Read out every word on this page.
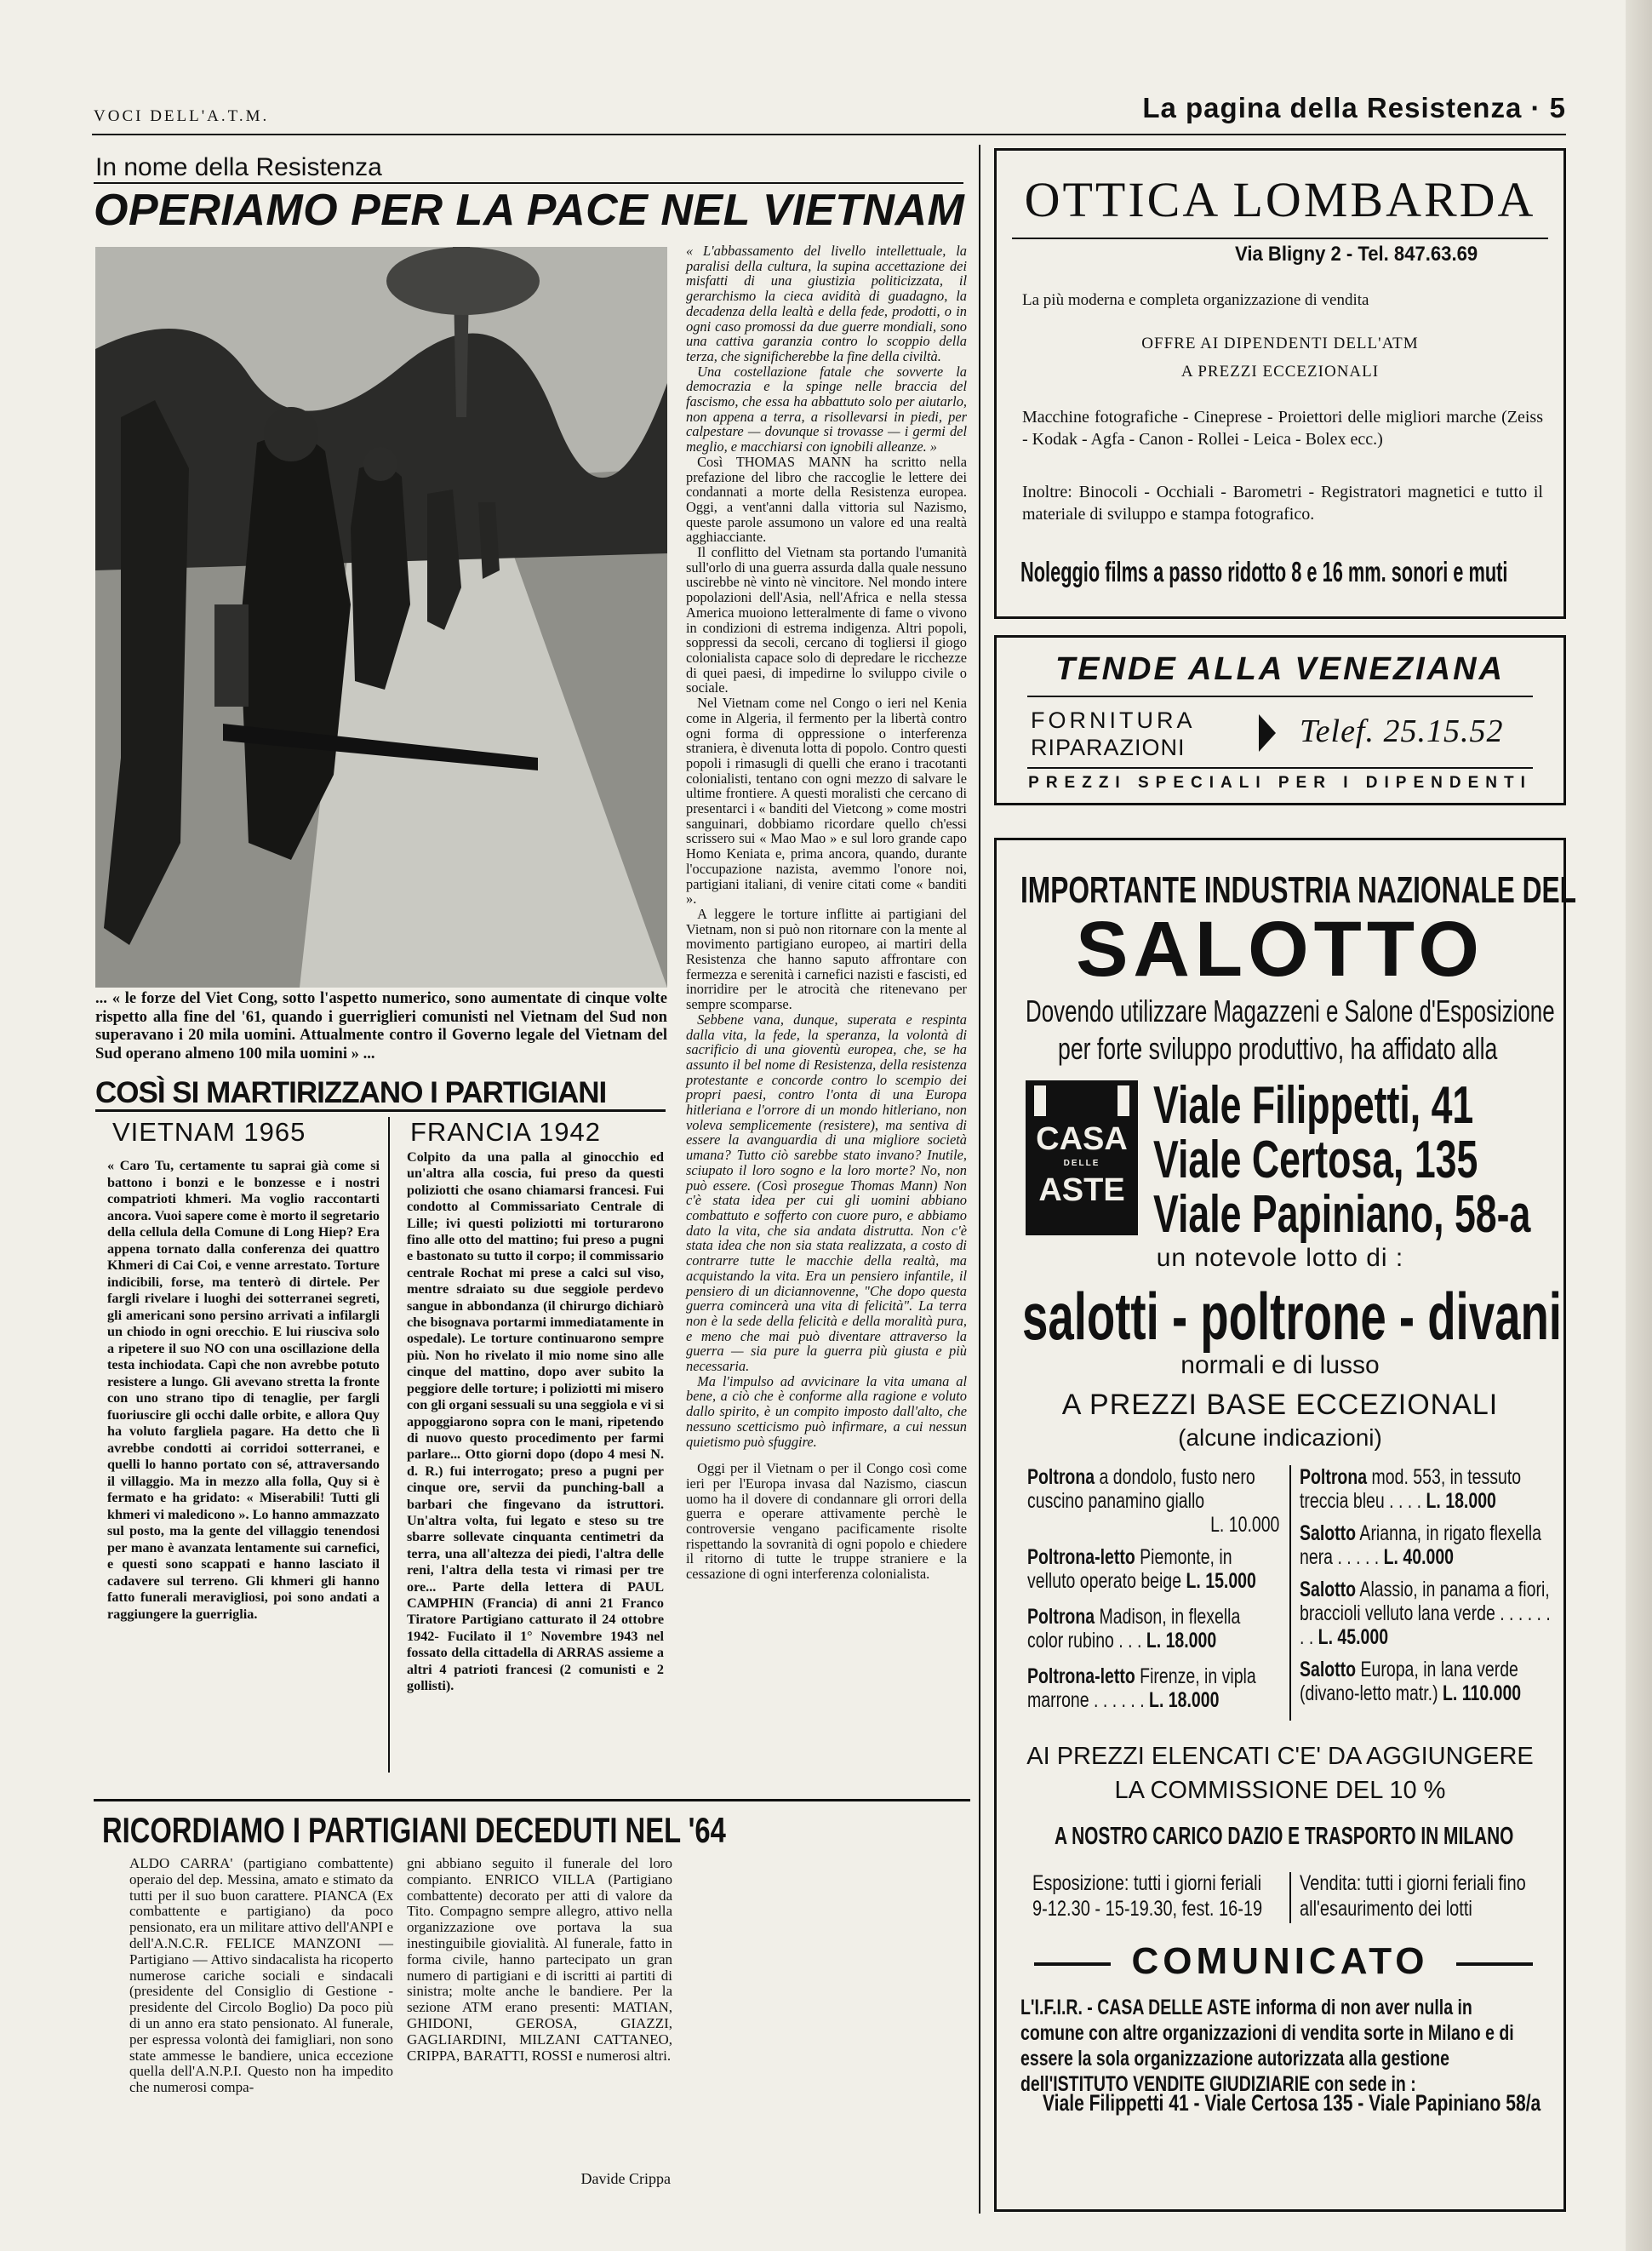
VOCI DELL'A.T.M.	La pagina della Resistenza · 5
In nome della Resistenza
OPERIAMO PER LA PACE NEL VIETNAM
... « le forze del Viet Cong, sotto l'aspetto numerico, sono aumentate di cinque volte rispetto alla fine del '61, quando i guerriglieri comunisti nel Vietnam del Sud non superavano i 20 mila uomini. Attualmente contro il Governo legale del Vietnam del Sud operano almeno 100 mila uomini » ...

« L'abbassamento del livello intellettuale, la paralisi della cultura, la supina accettazione dei misfatti di una giustizia politicizzata, il gerarchismo la cieca avidità di guadagno, la decadenza della lealtà e della fede, prodotti, o in ogni caso promossi da due guerre mondiali, sono una cattiva garanzia contro lo scoppio della terza, che significherebbe la fine della civiltà.

Una costellazione fatale che sovverte la democrazia e la spinge nelle braccia del fascismo, che essa ha abbattuto solo per aiutarlo, non appena a terra, a risollevarsi in piedi, per calpestare — dovunque si trovasse — i germi del meglio, e macchiarsi con ignobili alleanze. »

Così THOMAS MANN ha scritto nella prefazione del libro che raccoglie le lettere dei condannati a morte della Resistenza europea. Oggi, a vent'anni dalla vittoria sul Nazismo, queste parole assumono un valore ed una realtà agghiacciante.

Il conflitto del Vietnam sta portando l'umanità sull'orlo di una guerra assurda dalla quale nessuno uscirebbe nè vinto nè vincitore. Nel mondo intere popolazioni dell'Asia, nell'Africa e nella stessa America muoiono letteralmente di fame o vivono in condizioni di estrema indigenza. Altri popoli, soppressi da secoli, cercano di togliersi il giogo colonialista capace solo di depredare le ricchezze di quei paesi, di impedirne lo sviluppo civile o sociale.

Nel Vietnam come nel Congo o ieri nel Kenia come in Algeria, il fermento per la libertà contro ogni forma di oppressione o interferenza straniera, è divenuta lotta di popolo. Contro questi popoli i rimasugli di quelli che erano i tracotanti colonialisti, tentano con ogni mezzo di salvare le ultime frontiere. A questi moralisti che cercano di presentarci i « banditi del Vietcong » come mostri sanguinari, dobbiamo ricordare quello ch'essi scrissero sui « Mao Mao » e sul loro grande capo Homo Keniata e, prima ancora, quando, durante l'occupazione nazista, avemmo l'onore noi, partigiani italiani, di venire citati come « banditi ».

A leggere le torture inflitte ai partigiani del Vietnam, non si può non ritornare con la mente al movimento partigiano europeo, ai martiri della Resistenza che hanno saputo affrontare con fermezza e serenità i carnefici nazisti e fascisti, ed inorridire per le atrocità che ritenevano per sempre scomparse.

Sebbene vana, dunque, superata e respinta dalla vita, la fede, la speranza, la volontà di sacrificio di una gioventù europea, che, se ha assunto il bel nome di Resistenza, della resistenza protestante e concorde contro lo scempio dei propri paesi, contro l'onta di una Europa hitleriana e l'orrore di un mondo hitleriano, non voleva semplicemente (resistere), ma sentiva di essere la avanguardia di una migliore società umana? Tutto ciò sarebbe stato invano? Inutile, sciupato il loro sogno e la loro morte? No, non può essere. (Così prosegue Thomas Mann) Non c'è stata idea per cui gli uomini abbiano combattuto e sofferto con cuore puro, e abbiamo dato la vita, che sia andata distrutta. Non c'è stata idea che non sia stata realizzata, a costo di contrarre tutte le macchie della realtà, ma acquistando la vita. Era un pensiero infantile, il pensiero di un diciannovenne, "Che dopo questa guerra comincerà una vita di felicità". La terra non è la sede della felicità e della moralità pura, e meno che mai può diventare attraverso la guerra — sia pure la guerra più giusta e più necessaria.

Ma l'impulso ad avvicinare la vita umana al bene, a ciò che è conforme alla ragione e voluto dallo spirito, è un compito imposto dall'alto, che nessuno scetticismo può infirmare, a cui nessun quietismo può sfuggire.

Oggi per il Vietnam o per il Congo così come ieri per l'Europa invasa dal Nazismo, ciascun uomo ha il dovere di condannare gli orrori della guerra e operare attivamente perchè le controversie vengano pacificamente risolte rispettando la sovranità di ogni popolo e chiedere il ritorno di tutte le truppe straniere e la cessazione di ogni interferenza colonialista.

COSÌ SI MARTIRIZZANO I PARTIGIANI
VIETNAM 1965	FRANCIA 1942
« Caro Tu, certamente tu saprai già come si battono i bonzi e le bonzesse e i nostri compatrioti khmeri. Ma voglio raccontarti ancora. Vuoi sapere come è morto il segretario della cellula della Comune di Long Hiep? Era appena tornato dalla conferenza dei quattro Khmeri di Cai Coi, e venne arrestato. Torture indicibili, forse, ma tenterò di dirtele. Per fargli rivelare i luoghi dei sotterranei segreti, gli americani sono persino arrivati a infilargli un chiodo in ogni orecchio. E lui riusciva solo a ripetere il suo NO con una oscillazione della testa inchiodata. Capì che non avrebbe potuto resistere a lungo. Gli avevano stretta la fronte con uno strano tipo di tenaglie, per fargli fuoriuscire gli occhi dalle orbite, e allora Quy ha voluto fargliela pagare. Ha detto che lì avrebbe condotti ai corridoi sotterranei, e quelli lo hanno portato con sé, attraversando il villaggio. Ma in mezzo alla folla, Quy si è fermato e ha gridato: « Miserabili! Tutti gli khmeri vi maledicono ». Lo hanno ammazzato sul posto, ma la gente del villaggio tenendosi per mano è avanzata lentamente sui carnefici, e questi sono scappati e hanno lasciato il cadavere sul terreno. Gli khmeri gli hanno fatto funerali meravigliosi, poi sono andati a raggiungere la guerriglia.
Colpito da una palla al ginocchio ed un'altra alla coscia, fui preso da questi poliziotti che osano chiamarsi francesi. Fui condotto al Commissariato Centrale di Lille; ivi questi poliziotti mi torturarono fino alle otto del mattino; fui preso a pugni e bastonato su tutto il corpo; il commissario centrale Rochat mi prese a calci sul viso, mentre sdraiato su due seggiole perdevo sangue in abbondanza (il chirurgo dichiarò che bisognava portarmi immediatamente in ospedale). Le torture continuarono sempre più. Non ho rivelato il mio nome sino alle cinque del mattino, dopo aver subito la peggiore delle torture; i poliziotti mi misero con gli organi sessuali su una seggiola e vi si appoggiarono sopra con le mani, ripetendo di nuovo questo procedimento per farmi parlare... Otto giorni dopo (dopo 4 mesi N. d. R.) fui interrogato; preso a pugni per cinque ore, servii da punching-ball a barbari che fingevano da istruttori. Un'altra volta, fui legato e steso su tre sbarre sollevate cinquanta centimetri da terra, una all'altezza dei piedi, l'altra delle reni, l'altra della testa vi rimasi per tre ore... Parte della lettera di PAUL CAMPHIN (Francia) di anni 21 Franco Tiratore Partigiano catturato il 24 ottobre 1942- Fucilato il 1° Novembre 1943 nel fossato della cittadella di ARRAS assieme a altri 4 patrioti francesi (2 comunisti e 2 gollisti).
RICORDIAMO I PARTIGIANI DECEDUTI NEL '64
ALDO CARRA' (partigiano combattente) operaio del dep. Messina, amato e stimato da tutti per il suo buon carattere. PIANCA (Ex combattente e partigiano) da poco pensionato, era un militare attivo dell'ANPI e dell'A.N.C.R. FELICE MANZONI — Partigiano — Attivo sindacalista ha ricoperto numerose cariche sociali e sindacali (presidente del Consiglio di Gestione - presidente del Circolo Boglio) Da poco più di un anno era stato pensionato. Al funerale, per espressa volontà dei famigliari, non sono state ammesse le bandiere, unica eccezione quella dell'A.N.P.I. Questo non ha impedito che numerosi compa-
gni abbiano seguito il funerale del loro compianto. ENRICO VILLA (Partigiano combattente) decorato per atti di valore da Tito. Compagno sempre allegro, attivo nella organizzazione ove portava la sua inestinguibile giovialità. Al funerale, fatto in forma civile, hanno partecipato un gran numero di partigiani e di iscritti ai partiti di sinistra; molte anche le bandiere. Per la sezione ATM erano presenti: MATIAN, GHIDONI, GEROSA, GIAZZI, GAGLIARDINI, MILZANI CATTANEO, CRIPPA, BARATTI, ROSSI e numerosi altri.
Davide Crippa
OTTICA LOMBARDA
Via Bligny 2 - Tel. 847.63.69
La più moderna e completa organizzazione di vendita
OFFRE AI DIPENDENTI DELL'ATM
A PREZZI ECCEZIONALI
Macchine fotografiche - Cineprese - Proiettori delle migliori marche (Zeiss - Kodak - Agfa - Canon - Rollei - Leica - Bolex ecc.)
Inoltre: Binocoli - Occhiali - Barometri - Registratori magnetici e tutto il materiale di sviluppo e stampa fotografico.
Noleggio films a passo ridotto 8 e 16 mm. sonori e muti
TENDE ALLA VENEZIANA
FORNITURA
RIPARAZIONI	Telef. 25.15.52
PREZZI SPECIALI PER I DIPENDENTI
IMPORTANTE INDUSTRIA NAZIONALE DEL
SALOTTO
Dovendo utilizzare Magazzeni e Salone d'Esposizione
per forte sviluppo produttivo, ha affidato alla
CASA
DELLE
ASTE
Viale Filippetti, 41
Viale Certosa, 135
Viale Papiniano, 58-a
un notevole lotto di :
salotti - poltrone - divani
normali e di lusso
A PREZZI BASE ECCEZIONALI
(alcune indicazioni)
Poltrona a dondolo, fusto nero cuscino panamino giallo
L. 10.000
Poltrona-letto Piemonte, in velluto operato beige L. 15.000
Poltrona Madison, in flexella color rubino . . . L. 18.000
Poltrona-letto Firenze, in vipla marrone . . . . . . L. 18.000
Poltrona mod. 553, in tessuto treccia bleu . . . . L. 18.000
Salotto Arianna, in rigato flexella nera . . . . . L. 40.000
Salotto Alassio, in panama a fiori, braccioli velluto lana verde . . . . . . . . L. 45.000
Salotto Europa, in lana verde (divano-letto matr.) L. 110.000
AI PREZZI ELENCATI C'E' DA AGGIUNGERE
LA COMMISSIONE DEL 10 %
A NOSTRO CARICO DAZIO E TRASPORTO IN MILANO
Esposizione: tutti i giorni feriali 9-12.30 - 15-19.30, fest. 16-19
Vendita: tutti i giorni feriali fino all'esaurimento dei lotti
COMUNICATO
L'I.F.I.R. - CASA DELLE ASTE informa di non aver nulla in comune con altre organizzazioni di vendita sorte in Milano e di essere la sola organizzazione autorizzata alla gestione dell'ISTITUTO VENDITE GIUDIZIARIE con sede in :
Viale Filippetti 41 - Viale Certosa 135 - Viale Papiniano 58/a
